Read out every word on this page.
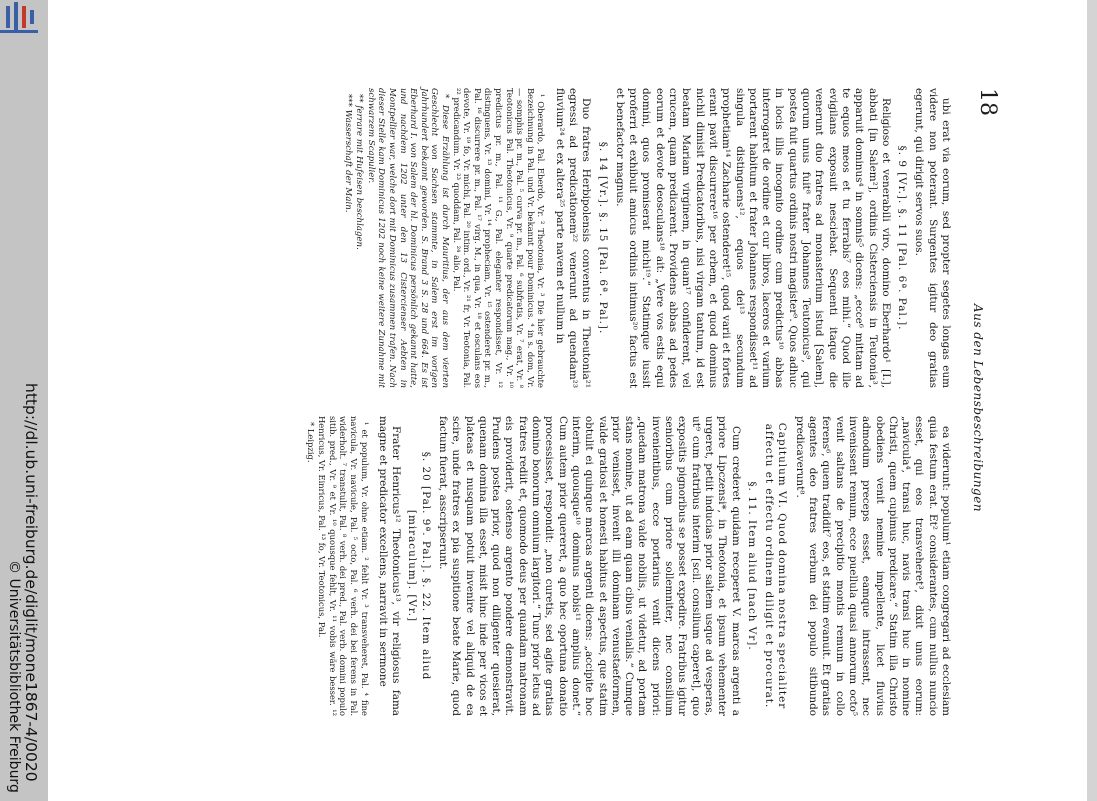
http://dl.ub.uni-freiburg.de/diglit/mone1867-4/0020
© Universitätsbibliothek Freiburg
18
Aus den Lebensbeschreibungen

ubi erat via eorum, sed propter segetes longas eum videre non poterant. Surgentes igitur deo gratias egerunt, qui dirigit servos suos.

§. 9 [Vr.]. §. 11 [Pal. 6ª. Pal.].

Religioso et venerabili viro, domino Eberhardo¹ [I.], abbati [in Salem²], ordinis Cisterciensis in Teutonia³, apparuit dominus⁴ in somnis⁵ dicens: „ecce⁶ mittam ad te equos meos et tu ferrabis⁷ eos mihi.“ Quod ille evigilans exposuit nesciebat. Sequenti itaque die venerunt duo fratres ad monasterium istud [Salem], quorum unus fuit⁸ frater Johannes Teutonicus⁹, qui postea fuit quartus ordinis nostri magister⁹. Quos adhuc in locis illis incognito ordine cum predictus¹⁰ abbas interrogaret de ordine et cur libros, laceros et varium portarent habitum et frater Johannes respondisset¹¹ ad singula distinguens¹², equos dei¹³ secundum prophetiam¹⁴ Zacharie ostenderet¹⁵, quod varii et fortes erant pavit discurrere¹⁶ per orbem, et quod dominus nichil dimisit Predicatoribus, nisi virgam tantum, id est beatam Mariam virginem, in quam¹⁷ confiderent, vel crucem, quam predicarent. Providens abbas ad pedes eorum et devote deosculans¹⁸ ait: „Vere vos estis equi domini, quos promiserat michi¹⁹.“ Statimque iussit proferri et exhibuit amicus ordinis intimus²⁰ factus est et benefactor magnus.

§. 14 [Vr.]. §. 15 [Pal. 6ª. Pal.].

Duo fratres Herbipolensis conventus in Theutonia²¹ egressi ad predicationem²² venerunt ad quendam²³ fluvium²⁴ et ex altera²⁵ parte navem et nullum in

¹ Oberardo, Pal. Eberdo, Vr. ² Theotonia, Vr. ³ Die hier gebrauchte Bezeichnung in Pal. und Vr. bekannt pour Dominicus. ⁴ in s. dom, Vr. — somphis pr. m., Pal. ⁵ curva pr. m., Pal. ⁶ subfratis, Vr. ⁷ erat, Vr. ⁸ Teotonicus Pal. Theotonicus, Vr. ⁹ quarte predicatorum mag., Vr. ¹⁰ predictus pr. m., Pal. ¹¹ G., Pal. eleganter respondisset, Vr. ¹² distinguens, Vr. ¹³ domini, Vr. ¹⁴ propheciam, Vr. ¹⁵ ostenderet pr. m., Pal. ¹⁶ discurrere pr. m., Pal. ¹⁷ virg. M., in qua, Vr. ¹⁸ et osculans eos devote, Vr. ¹⁹ fo, Vr. michi, Pal. ²⁰ intim. ord., Vr. ²¹ fr, Vr. Teotonia, Pal. ²² predicandum. Vr. ²³ quoddam, Pal. ²⁴ alio, Pal.

* Diese Erzählung ist durch Mauritius, der aus dem vierten Geschlecht von Sachsen stammte, in Salem erst im vorigen Jahrhundert bekannt geworden. S. Brand 3 S. 28 und 664. Es ist Eberhard I. von Salem der hl. Dominicus persönlich gekannt hatte, und nachdem 1202 unter den 13 Cistercienser Aebten in Montpellier war, welche dort mit Dominicus zusammen trafen. Nach dieser Stelle kam Dominicus 1202 noch keine weitere Zunahme mit schwarzem Scapulier.

** ferrare mit Hufeisen beschlagen.

*** Wasserschaft der Main.

ea viderunt: populum¹ etiam congregari ad ecclesiam quia festum erat. Et² considerantes, cum nullus nuncio esset, qui eos transveheret³, dixit unus eorum: „navicula⁴, transi huc, navis transi huc in nomine Christi, quem cupimus predicare.“ Statim illa Christo obediens venit nemine impellente, licet fluvius admodum preceps esset, eamque intrassent, nec invenissent remum, ecce puellula quasi annorum octo⁵ venit saltans de precipitio montis remum in collo ferens⁶, quem tradidit⁷ eos, et statim evanuit. Et gratias agentes deo fratres verbum dei populo sitibundo predicaverunt⁸.

Capitulum VI. Quod domina nostra specialiter affectu et effectu ordinem diligit et procurat.

§. 11. Item aliud [nach Vr].

Cum crederet quidam receperet V. marcas argenti a priore Lipczensi*, in Theotonia, et ipsum vehementer urgeret, petiit inducias prior saltem usque ad vesperas, ut⁹ cum fratribus interim [scil. consilium caperet], quo expositis pignoribus se posset expedire. Fratribus igitur senioribus cum priore sollemniter, nec consilium invenientibus, ecce portarius venit dicens priori: „quedam matrona valde nobilis, ut videtur, ad portam stans nomine, ut ad eam quam cibus venialis.“ Cumque prior venisset, invenit illi dominam venustaeformen, valde gratiosi et honesti habitus et aspectus, que statim obtulit ei quinque marcas argenti dicens: „accipite hoc interim, quousque¹⁰ dominus nobis¹¹ amplius donet.“ Cum autem prior quereret, a quo hec oportuna donatio processisset, respondit: „non curetis, sed agite gratias domino bonorum omnium largitori.“ Tunc prior letus ad fratres rediit et, quomodo deus per quandam matronam eis providerit, ostenso argento pondere demonstravit. Prudens postea prior, quod non diligenter quesierat, quenam domina illa esset, misit hinc inde per vicos et plateas et nusquam potuit invenire vel aliquid de ea scire, unde fratres ex pia suspitione beate Marie, quod factum fuerat, asscripserunt.

§. 20 [Pal. 9ª. Pal.]. §. 22. Item aliud [miraculum]. [Vr.]

Frater Henricus¹² Theotonicus¹³, vir religiosus fama magne et predicator excellens, narravit in sermone

¹ et populum, Vr. ohne etiam. ² fehlt Vr. ³ transveheret, Pal. ⁴ fine navicula, Vr. navicule, Pal. ⁵ octo, Pal. ⁶ verh. dei bei ferens in Pal. widerholt. ⁷ transtulit, Pal. ⁸ verh. dei pred., Pal. verb. domini populo sitib. pred., Vr. ⁹ et Vr. ¹⁰ quousque fehlt, Vr. ¹¹ vobis wäre besser. ¹² Henricus, Vr. Einricus, Pal. ¹³ fo, Vr. Teotonicus, Pal.

* Leipzig.
